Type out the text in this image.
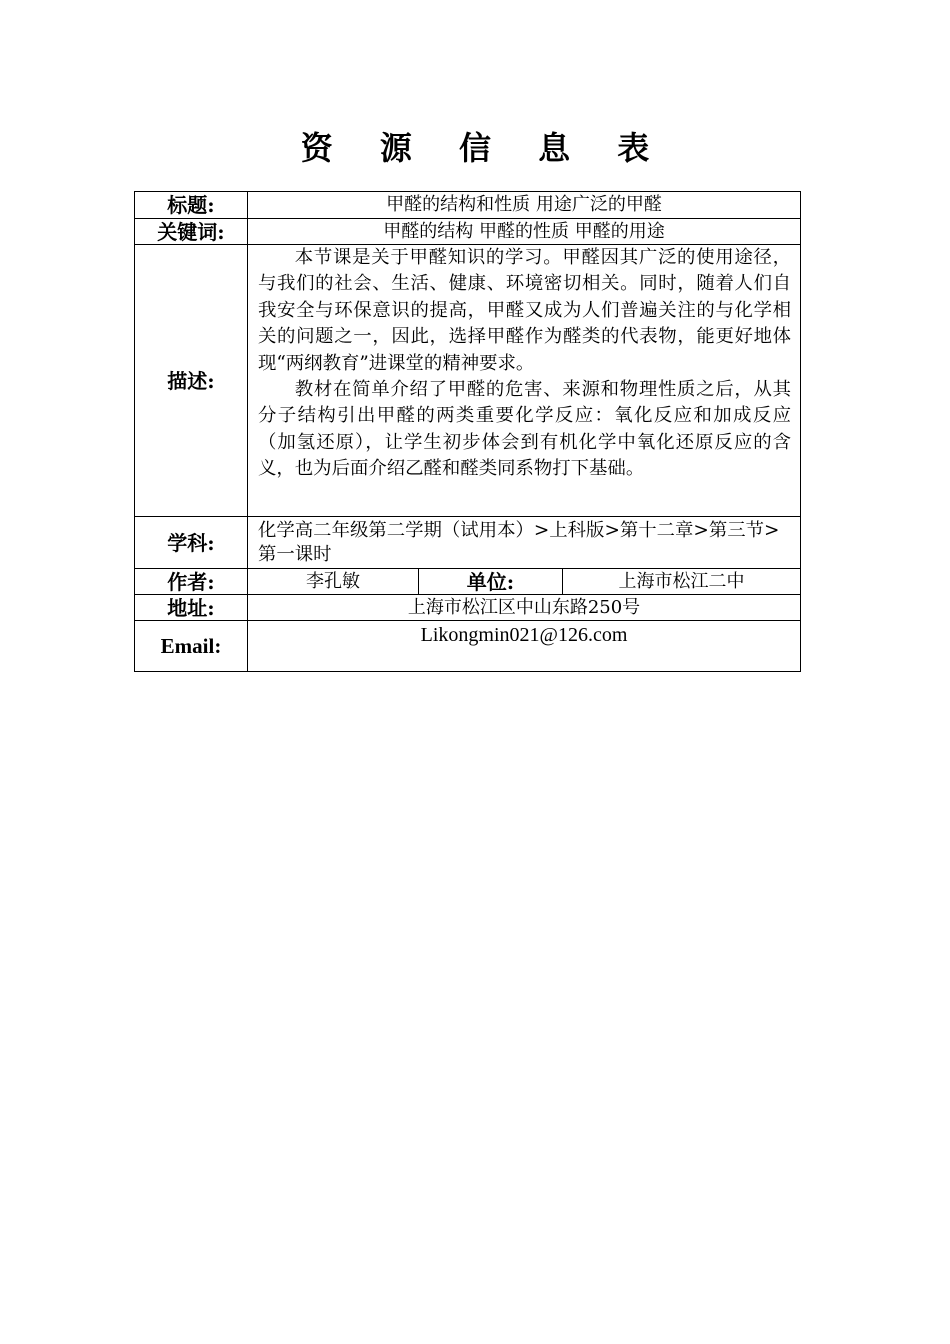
资 源 信 息 表
标题:	甲醛的结构和性质 用途广泛的甲醛		
关键词:	甲醛的结构 甲醛的性质 甲醛的用途		
描述:	本节课是关于甲醛知识的学习。甲醛因其广泛的使用途径，与我们的社会、生活、健康、环境密切相关。同时，随着人们自我安全与环保意识的提高，甲醛又成为人们普遍关注的与化学相关的问题之一，因此，选择甲醛作为醛类的代表物，能更好地体现“两纲教育”进课堂的精神要求。

教材在简单介绍了甲醛的危害、来源和物理性质之后，从其分子结构引出甲醛的两类重要化学反应：氧化反应和加成反应（加氢还原），让学生初步体会到有机化学中氧化还原反应的含义，也为后面介绍乙醛和醛类同系物打下基础。		

学科:	化学高二年级第二学期（试用本）>上科版>第十二章>第三节>第一课时		
作者:	李孔敏	单位:	上海市松江二中
地址:	上海市松江区中山东路250号		
Email:	Likongmin021@126.com		
